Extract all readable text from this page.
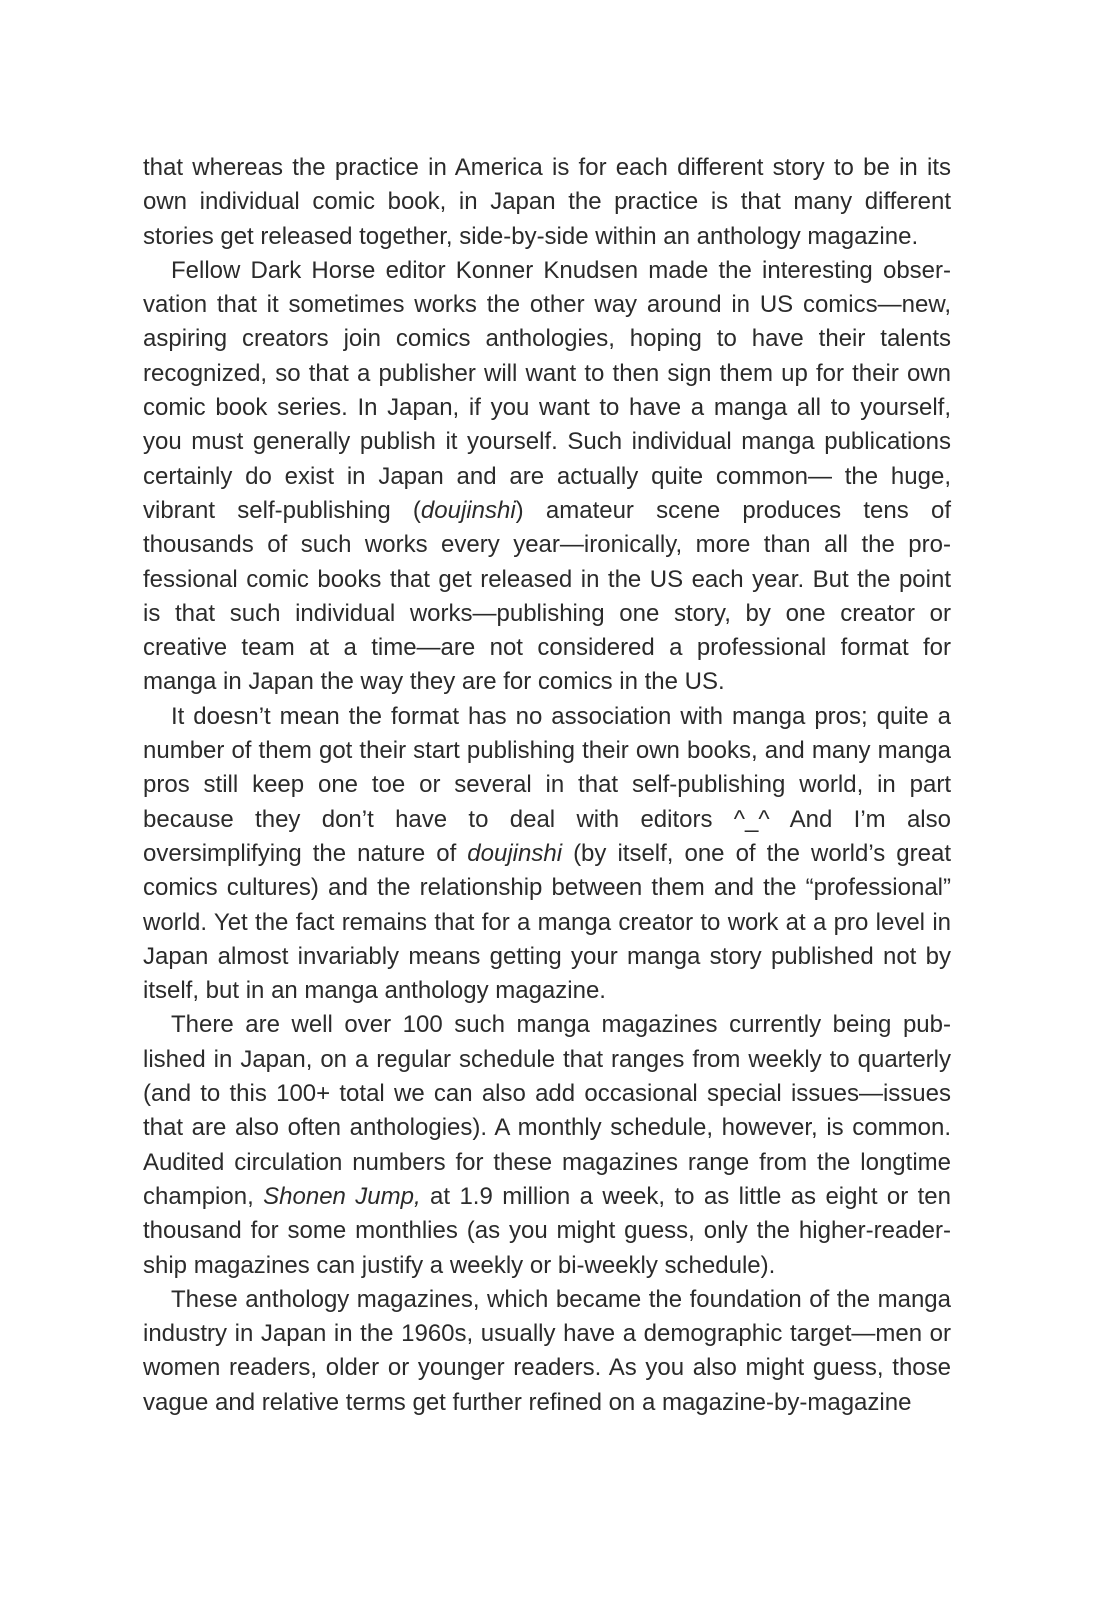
that whereas the practice in America is for each different story to be in its own individual comic book, in Japan the practice is that many different stories get released together, side-by-side within an anthology magazine.

Fellow Dark Horse editor Konner Knudsen made the interesting observation that it sometimes works the other way around in US comics—new, aspiring creators join comics anthologies, hoping to have their talents recognized, so that a publisher will want to then sign them up for their own comic book series. In Japan, if you want to have a manga all to yourself, you must generally publish it yourself. Such individual manga publications certainly do exist in Japan and are actually quite common— the huge, vibrant self-publishing (doujinshi) amateur scene produces tens of thousands of such works every year—ironically, more than all the professional comic books that get released in the US each year. But the point is that such individual works—publishing one story, by one creator or creative team at a time—are not considered a professional format for manga in Japan the way they are for comics in the US.

It doesn’t mean the format has no association with manga pros; quite a number of them got their start publishing their own books, and many manga pros still keep one toe or several in that self-publishing world, in part because they don’t have to deal with editors ^_^ And I’m also oversimplifying the nature of doujinshi (by itself, one of the world’s great comics cultures) and the relationship between them and the “professional” world. Yet the fact remains that for a manga creator to work at a pro level in Japan almost invariably means getting your manga story published not by itself, but in an manga anthology magazine.

There are well over 100 such manga magazines currently being published in Japan, on a regular schedule that ranges from weekly to quarterly (and to this 100+ total we can also add occasional special issues—issues that are also often anthologies). A monthly schedule, however, is common. Audited circulation numbers for these magazines range from the longtime champion, Shonen Jump, at 1.9 million a week, to as little as eight or ten thousand for some monthlies (as you might guess, only the higher-readership magazines can justify a weekly or bi-weekly schedule).

These anthology magazines, which became the foundation of the manga industry in Japan in the 1960s, usually have a demographic target—men or women readers, older or younger readers. As you also might guess, those vague and relative terms get further refined on a magazine-by-magazine
